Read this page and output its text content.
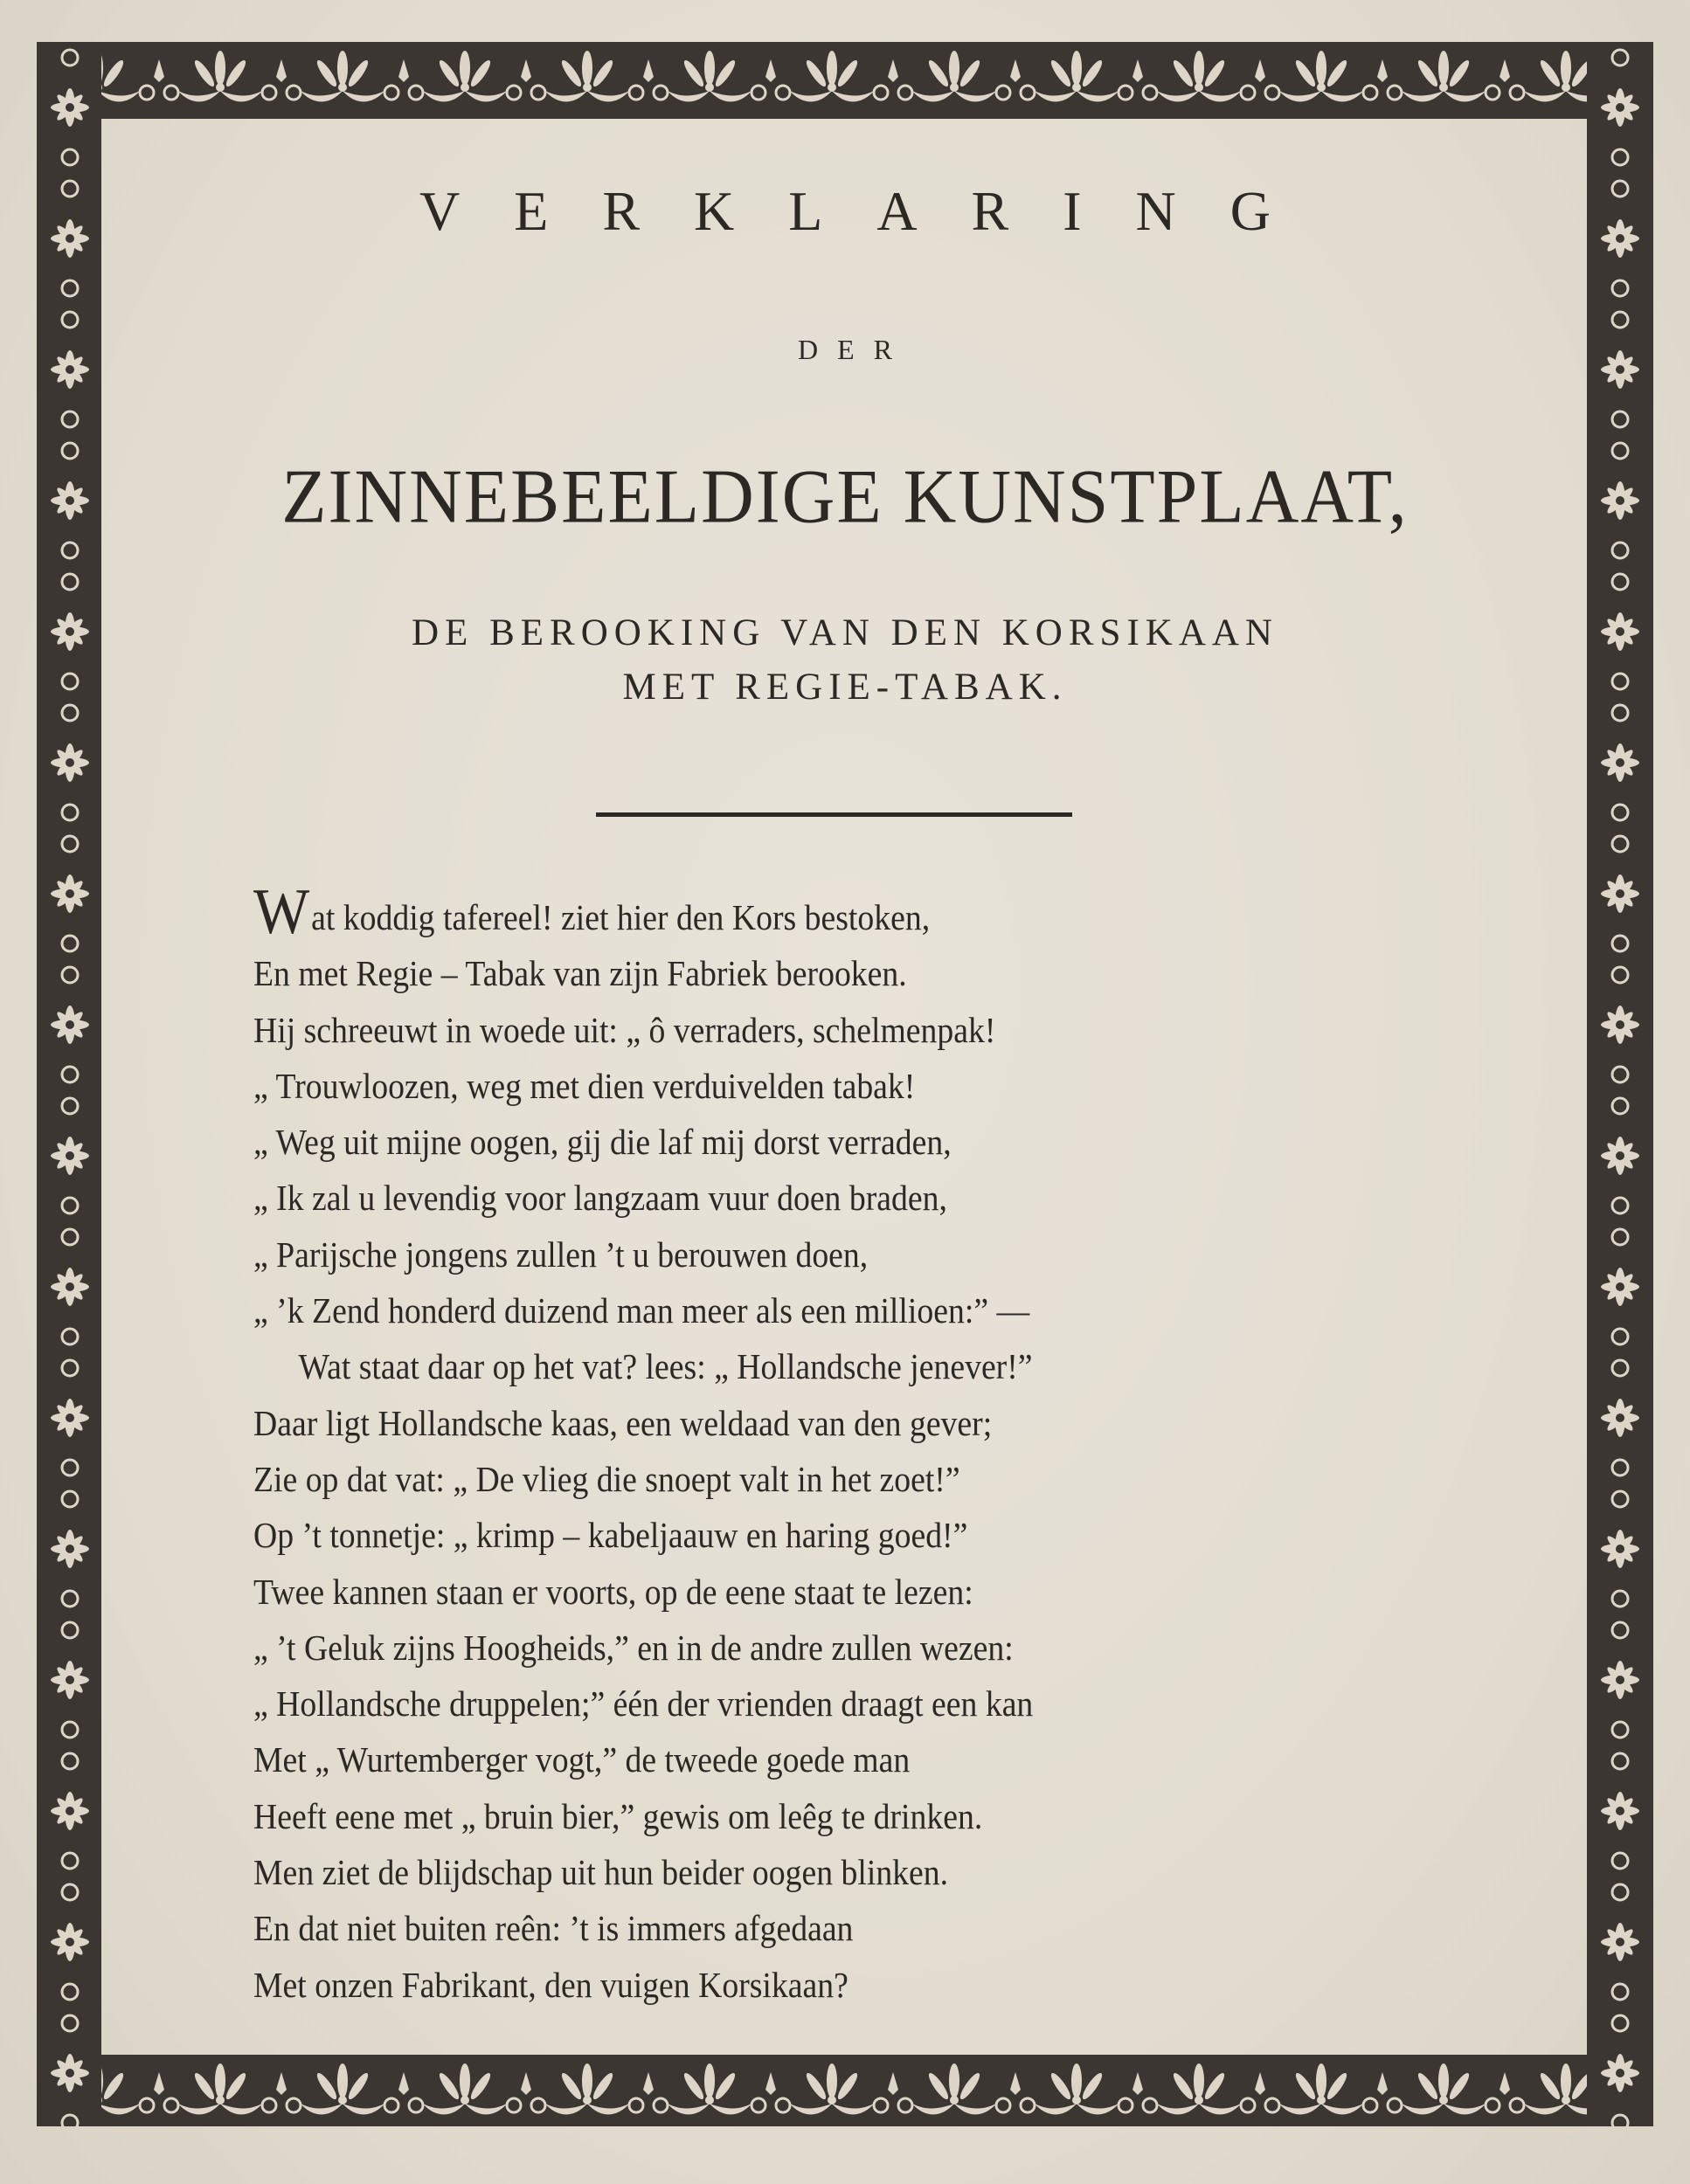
VERKLARING
DER
ZINNEBEELDIGE KUNSTPLAAT,
DE BEROOKING VAN DEN KORSIKAAN
MET REGIE-TABAK.
Wat koddig tafereel! ziet hier den Kors bestoken,
En met Regie – Tabak van zijn Fabriek berooken.
Hij schreeuwt in woede uit: „ ô verraders, schelmenpak!
„ Trouwloozen, weg met dien verduivelden tabak!
„ Weg uit mijne oogen, gij die laf mij dorst verraden,
„ Ik zal u levendig voor langzaam vuur doen braden,
„ Parijsche jongens zullen ’t u berouwen doen,
„ ’k Zend honderd duizend man meer als een millioen:” —
Wat staat daar op het vat? lees: „ Hollandsche jenever!”
Daar ligt Hollandsche kaas, een weldaad van den gever;
Zie op dat vat: „ De vlieg die snoept valt in het zoet!”
Op ’t tonnetje: „ krimp – kabeljaauw en haring goed!”
Twee kannen staan er voorts, op de eene staat te lezen:
„ ’t Geluk zijns Hoogheids,” en in de andre zullen wezen:
„ Hollandsche druppelen;” één der vrienden draagt een kan
Met „ Wurtemberger vogt,” de tweede goede man
Heeft eene met „ bruin bier,” gewis om leêg te drinken.
Men ziet de blijdschap uit hun beider oogen blinken.
En dat niet buiten reên: ’t is immers afgedaan
Met onzen Fabrikant, den vuigen Korsikaan?
